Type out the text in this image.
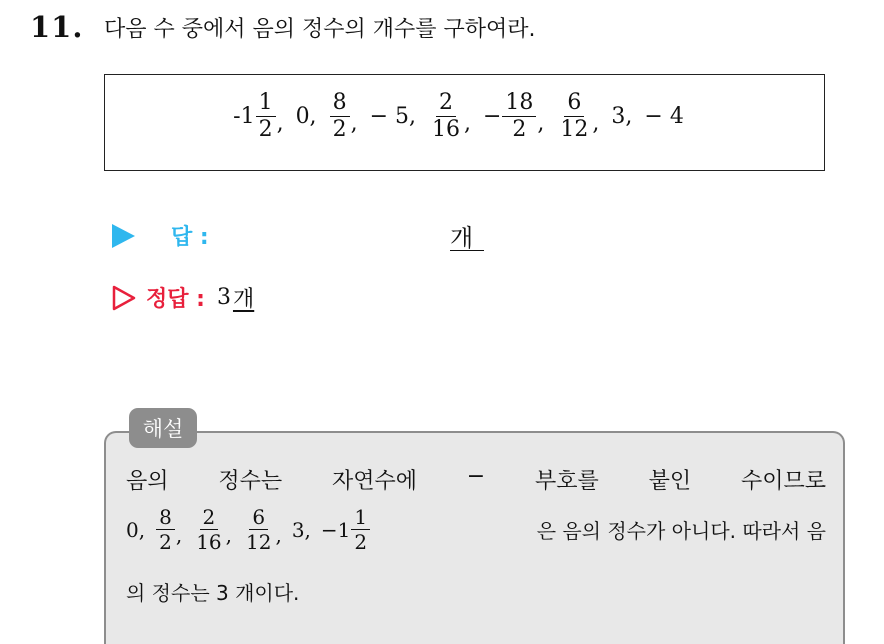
11. 다음 수 중에서 음의 정수의 개수를 구하여라.
- $1 \frac{1}{2}$ , 0, $\frac{8}{2}$ , − 5, $\frac{2}{16}$ , − $\frac{18}{2}$ , $\frac{6}{12}$ , 3, − 4
답 :	개
정답 : 3 개
해설
음의 정수는 자연수에 − 부호를 붙인 수이므로
0, $\frac{8}{2}$ , $\frac{2}{16}$ , $\frac{6}{12}$ , 3, − $1 \frac{1}{2}$	은 음의 정수가 아니다. 따라서 음
의 정수는 3 개이다.
